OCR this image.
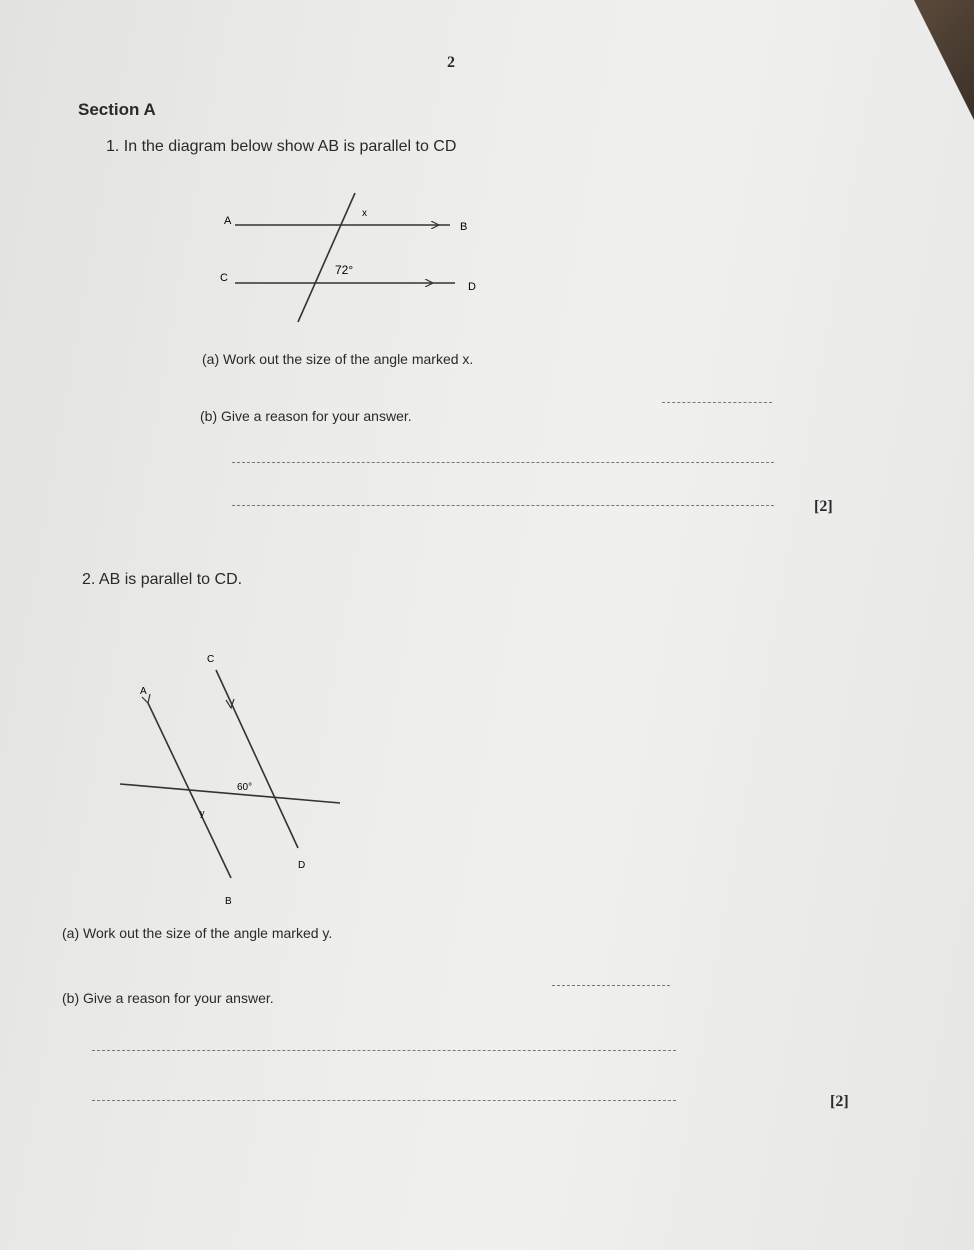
2
Section A
1. In the diagram below show AB is parallel to CD
A	B
C
D
x
72°
A
B
C
D
60°
y
(a) Work out the size of the angle marked x.
(b) Give a reason for your answer.
[2]
2. AB is parallel to CD.
(a) Work out the size of the angle marked y.
(b) Give a reason for your answer.
[2]
